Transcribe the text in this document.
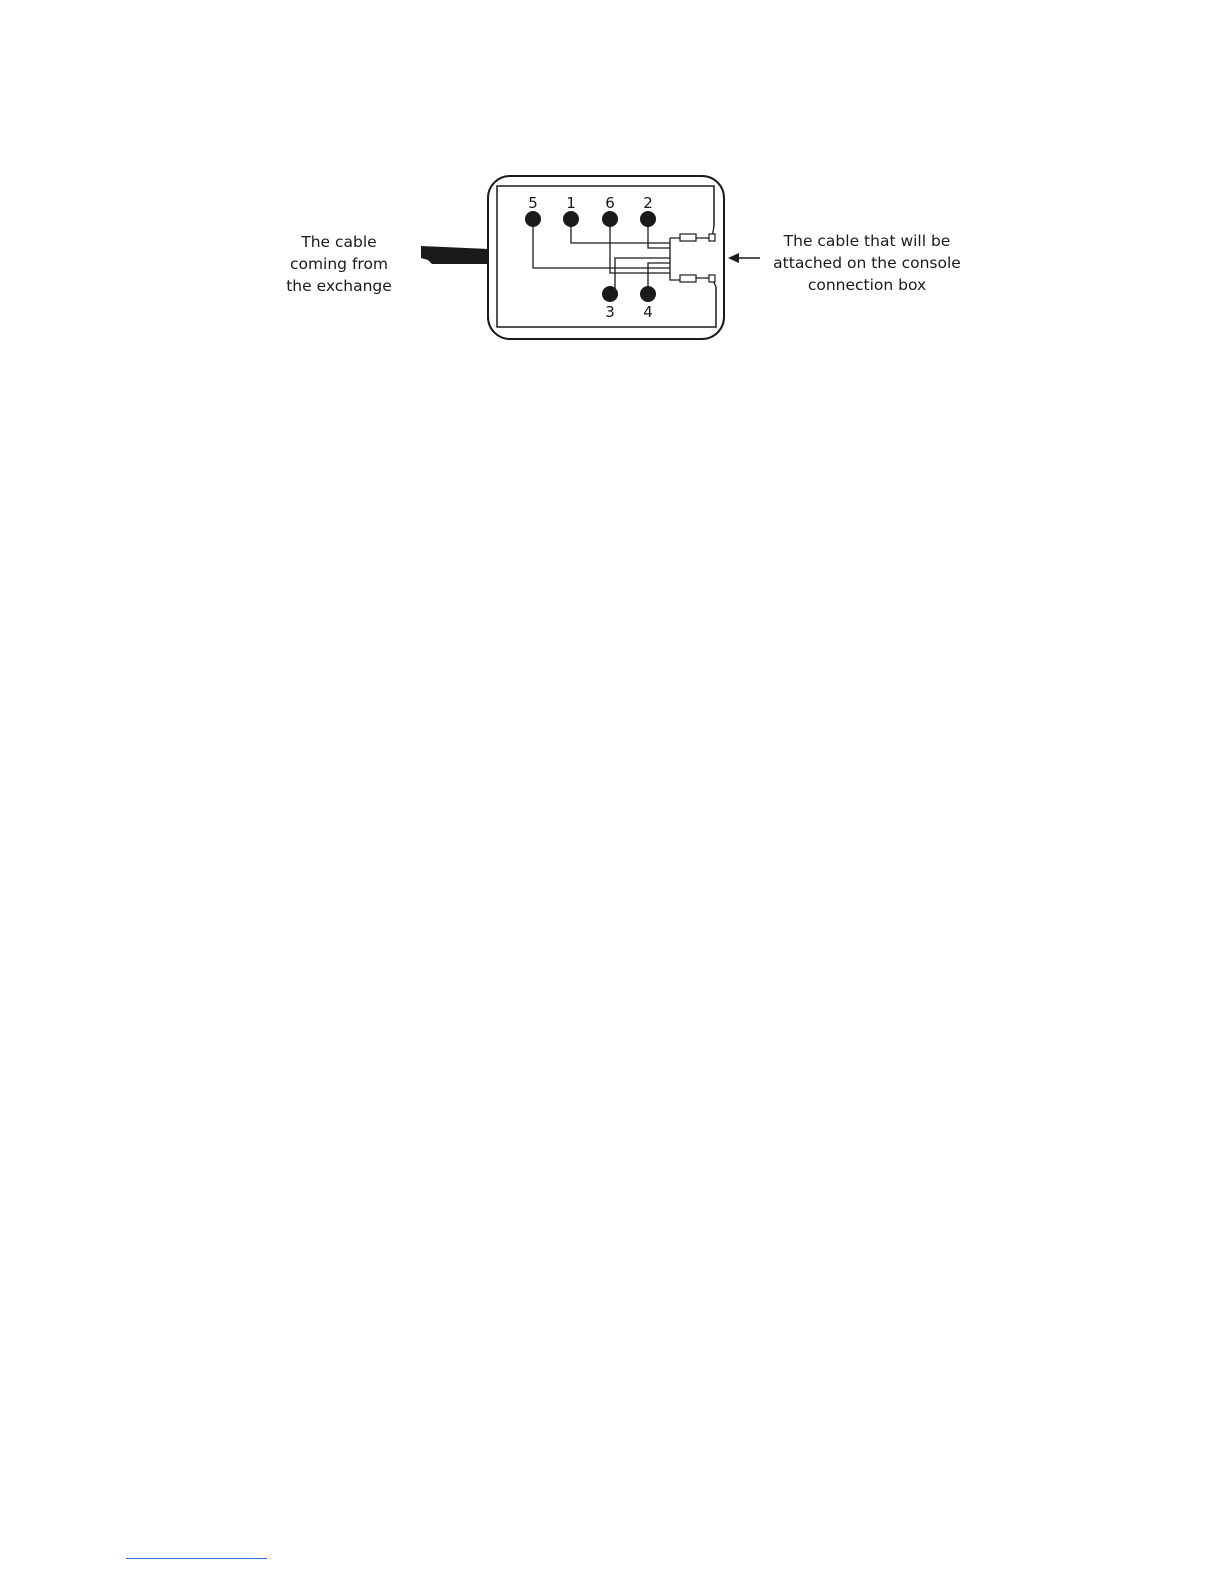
5 1 6 2
3 4
The cable
coming from
the exchange
The cable that will be
attached on the console
connection box
